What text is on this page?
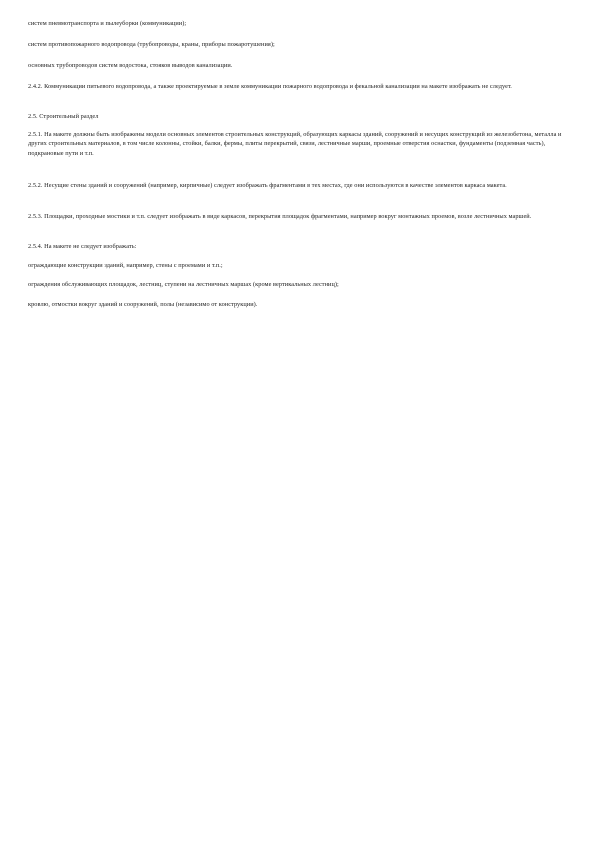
систем пневмотранспорта и пылеуборки (коммуникации);

систем противопожарного водопровода (трубопроводы, краны, приборы пожаротушения);

основных трубопроводов систем водостока, стояков выводов канализации.

2.4.2. Коммуникации питьевого водопровода, а также проектируемые в земле коммуникации пожарного водопровода и фекальной канализации на макете изображать не следует.

2.5. Строительный раздел

2.5.1. На макете должны быть изображены модели основных элементов строительных конструкций, образующих каркасы зданий, сооружений и несущих конструкций из железобетона, металла и других строительных материалов, в том числе колонны, стойки, балки, фермы, плиты перекрытий, связи, лестничные марши, проемные отверстия оснастки, фундаменты (подземная часть), подкрановые пути и т.п.

2.5.2. Несущие стены зданий и сооружений (например, кирпичные) следует изображать фрагментами в тех местах, где они используются в качестве элементов каркаса макета.

2.5.3. Площадки, проходные мостики и т.п. следует изображать в виде каркасов, перекрытия площадок фрагментами, например вокруг монтажных проемов, возле лестничных маршей.

2.5.4. На макете не следует изображать:

ограждающие конструкции зданий, например, стены с проемами и т.п.;

ограждения обслуживающих площадок, лестниц, ступени на лестничных маршах (кроме вертикальных лестниц);

кровлю, отмостки вокруг зданий и сооружений, полы (независимо от конструкции).
